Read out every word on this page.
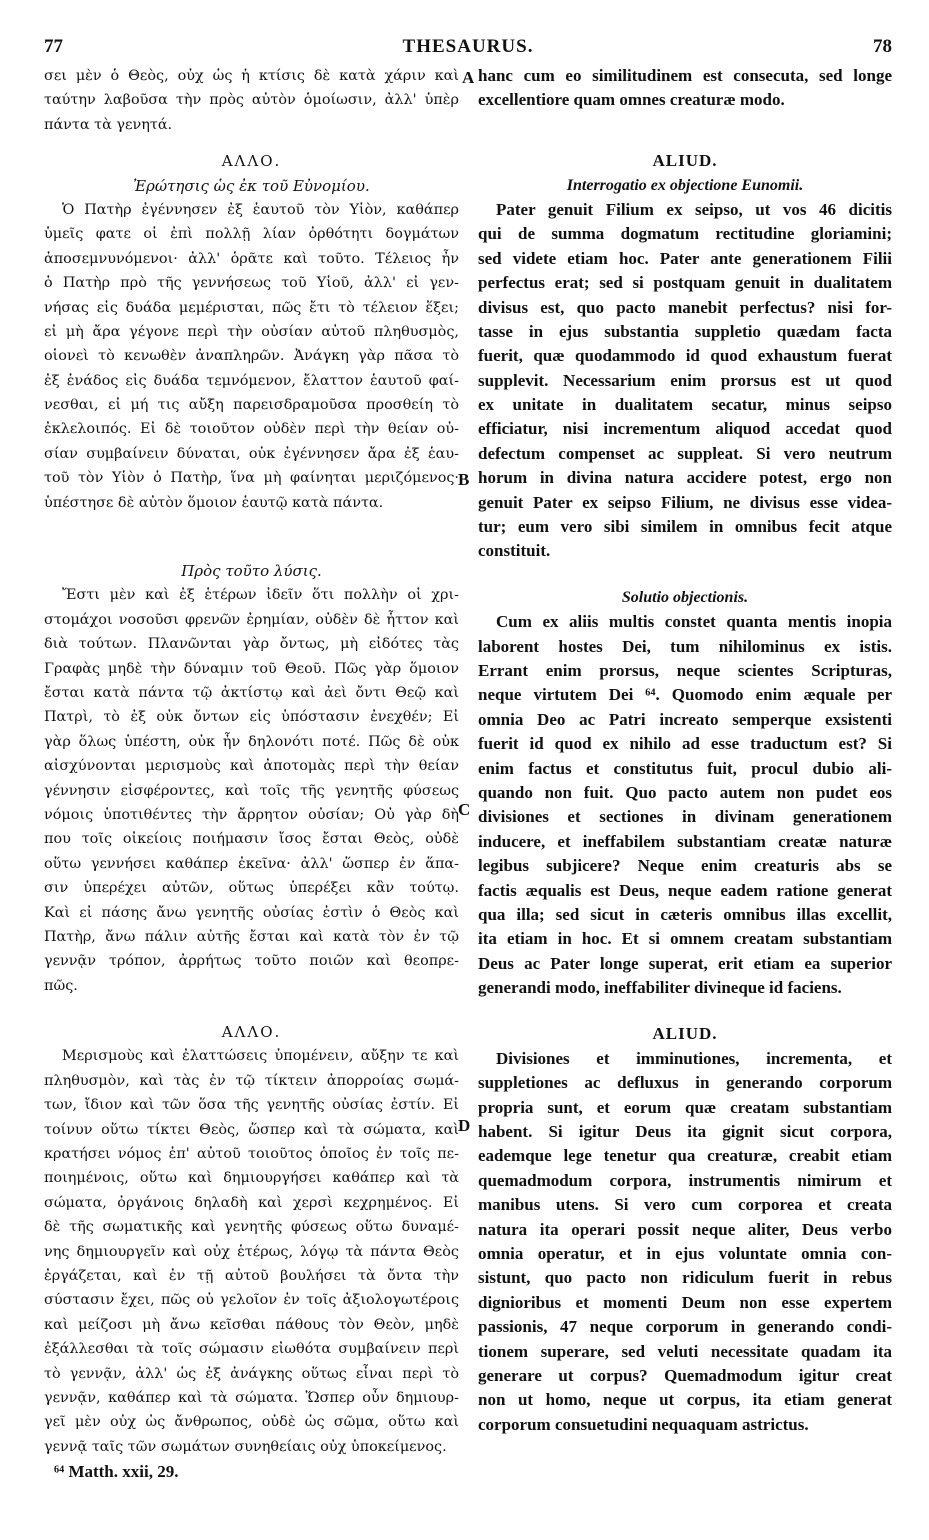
77	THESAURUS.	78
σει μὲν ὁ Θεὸς, οὐχ ὡς ἡ κτίσις δὲ κατὰ χάριν καὶ
ταύτην λαβοῦσα τὴν πρὸς αὐτὸν ὁμοίωσιν, ἀλλ' ὑπὲρ
πάντα τὰ γενητά.
ΑΛΛΟ.
Ἐρώτησις ὡς ἐκ τοῦ Εὐνομίου.
Ὁ Πατὴρ ἐγέννησεν ἐξ ἑαυτοῦ τὸν Υἱὸν, καθάπερ
ὑμεῖς φατε οἱ ἐπὶ πολλῇ λίαν ὀρθότητι δογμάτων
ἀποσεμνυνόμενοι· ἀλλ' ὁρᾶτε καὶ τοῦτο. Τέλειος ἦν
ὁ Πατὴρ πρὸ τῆς γεννήσεως τοῦ Υἱοῦ, ἀλλ' εἰ γεν-
νήσας εἰς δυάδα μεμέρισται, πῶς ἔτι τὸ τέλειον ἕξει;
εἰ μὴ ἄρα γέγονε περὶ τὴν οὐσίαν αὐτοῦ πληθυσμὸς,
οἱονεὶ τὸ κενωθὲν ἀναπληρῶν. Ἀνάγκη γὰρ πᾶσα τὸ
ἐξ ἑνάδος εἰς δυάδα τεμνόμενον, ἔλαττον ἑαυτοῦ φαί-
νεσθαι, εἰ μή τις αὔξη παρεισδραμοῦσα προσθείη τὸ
ἐκλελοιπός. Εἰ δὲ τοιοῦτον οὐδὲν περὶ τὴν θείαν οὐ-
σίαν συμβαίνειν δύναται, οὐκ ἐγέννησεν ἄρα ἐξ ἑαυ-
τοῦ τὸν Υἱὸν ὁ Πατὴρ, ἵνα μὴ φαίνηται μεριζόμενος·
ὑπέστησε δὲ αὐτὸν ὅμοιον ἑαυτῷ κατὰ πάντα.
Πρὸς τοῦτο λύσις.
Ἔστι μὲν καὶ ἐξ ἑτέρων ἰδεῖν ὅτι πολλὴν οἱ χρι-
στομάχοι νοσοῦσι φρενῶν ἐρημίαν, οὐδὲν δὲ ἧττον καὶ
διὰ τούτων. Πλανῶνται γὰρ ὄντως, μὴ εἰδότες τὰς
Γραφὰς μηδὲ τὴν δύναμιν τοῦ Θεοῦ. Πῶς γὰρ ὅμοιον
ἔσται κατὰ πάντα τῷ ἀκτίστῳ καὶ ἀεὶ ὄντι Θεῷ καὶ
Πατρὶ, τὸ ἐξ οὐκ ὄντων εἰς ὑπόστασιν ἐνεχθέν; Εἰ
γὰρ ὅλως ὑπέστη, οὐκ ἦν δηλονότι ποτέ. Πῶς δὲ οὐκ
αἰσχύνονται μερισμοὺς καὶ ἀποτομὰς περὶ τὴν θείαν
γέννησιν εἰσφέροντες, καὶ τοῖς τῆς γενητῆς φύσεως
νόμοις ὑποτιθέντες τὴν ἄρρητον οὐσίαν; Οὐ γὰρ δὴ
που τοῖς οἰκείοις ποιήμασιν ἴσος ἔσται Θεὸς, οὐδὲ
οὕτω γεννήσει καθάπερ ἐκεῖνα· ἀλλ' ὥσπερ ἐν ἅπα-
σιν ὑπερέχει αὐτῶν, οὕτως ὑπερέξει κἂν τούτῳ.
Καὶ εἰ πάσης ἄνω γενητῆς οὐσίας ἐστὶν ὁ Θεὸς καὶ
Πατὴρ, ἄνω πάλιν αὐτῆς ἔσται καὶ κατὰ τὸν ἐν τῷ
γεννᾷν τρόπον, ἀρρήτως τοῦτο ποιῶν καὶ θεοπρε-
πῶς.
ΑΛΛΟ.
Μερισμοὺς καὶ ἐλαττώσεις ὑπομένειν, αὔξην τε καὶ
πληθυσμὸν, καὶ τὰς ἐν τῷ τίκτειν ἀπορροίας σωμά-
των, ἴδιον καὶ τῶν ὅσα τῆς γενητῆς οὐσίας ἐστίν. Εἰ
τοίνυν οὕτω τίκτει Θεὸς, ὥσπερ καὶ τὰ σώματα, καὶ
κρατήσει νόμος ἐπ' αὐτοῦ τοιοῦτος ὁποῖος ἐν τοῖς πε-
ποιημένοις, οὕτω καὶ δημιουργήσει καθάπερ καὶ τὰ
σώματα, ὀργάνοις δηλαδὴ καὶ χερσὶ κεχρημένος. Εἰ
δὲ τῆς σωματικῆς καὶ γενητῆς φύσεως οὕτω δυναμέ-
νης δημιουργεῖν καὶ οὐχ ἑτέρως, λόγῳ τὰ πάντα Θεὸς
ἐργάζεται, καὶ ἐν τῇ αὐτοῦ βουλήσει τὰ ὄντα τὴν
σύστασιν ἔχει, πῶς οὐ γελοῖον ἐν τοῖς ἀξιολογωτέροις
καὶ μείζοσι μὴ ἄνω κεῖσθαι πάθους τὸν Θεὸν, μηδὲ
ἐξάλλεσθαι τὰ τοῖς σώμασιν εἰωθότα συμβαίνειν περὶ
τὸ γεννᾷν, ἀλλ' ὡς ἐξ ἀνάγκης οὕτως εἶναι περὶ τὸ
γεννᾷν, καθάπερ καὶ τὰ σώματα. Ὥσπερ οὖν δημιουρ-
γεῖ μὲν οὐχ ὡς ἄνθρωπος, οὐδὲ ὡς σῶμα, οὕτω καὶ
γεννᾷ ταῖς τῶν σωμάτων συνηθείαις οὐχ ὑποκείμενος.
hanc cum eo similitudinem est consecuta, sed longe
excellentiore quam omnes creaturæ modo.
ALIUD.
Interrogatio ex objectione Eunomii.
Pater genuit Filium ex seipso, ut vos 46 dicitis
qui de summa dogmatum rectitudine gloriamini;
sed videte etiam hoc. Pater ante generationem Filii
perfectus erat; sed si postquam genuit in dualitatem
divisus est, quo pacto manebit perfectus? nisi for-
tasse in ejus substantia suppletio quædam facta
fuerit, quæ quodammodo id quod exhaustum fuerat
supplevit. Necessarium enim prorsus est ut quod
ex unitate in dualitatem secatur, minus seipso
efficiatur, nisi incrementum aliquod accedat quod
defectum compenset ac suppleat. Si vero neutrum
horum in divina natura accidere potest, ergo non
genuit Pater ex seipso Filium, ne divisus esse videa-
tur; eum vero sibi similem in omnibus fecit atque
constituit.
Solutio objectionis.
Cum ex aliis multis constet quanta mentis inopia
laborent hostes Dei, tum nihilominus ex istis.
Errant enim prorsus, neque scientes Scripturas,
neque virtutem Dei ⁶⁴. Quomodo enim æquale per
omnia Deo ac Patri increato semperque exsistenti
fuerit id quod ex nihilo ad esse traductum est? Si
enim factus et constitutus fuit, procul dubio ali-
quando non fuit. Quo pacto autem non pudet eos
divisiones et sectiones in divinam generationem
inducere, et ineffabilem substantiam creatæ naturæ
legibus subjicere? Neque enim creaturis abs se
factis æqualis est Deus, neque eadem ratione generat
qua illa; sed sicut in cæteris omnibus illas excellit,
ita etiam in hoc. Et si omnem creatam substantiam
Deus ac Pater longe superat, erit etiam ea superior
generandi modo, ineffabiliter divineque id faciens.
ALIUD.
Divisiones et imminutiones, incrementa, et
suppletiones ac defluxus in generando corporum
propria sunt, et eorum quæ creatam substantiam
habent. Si igitur Deus ita gignit sicut corpora,
eademque lege tenetur qua creaturæ, creabit etiam
quemadmodum corpora, instrumentis nimirum et
manibus utens. Si vero cum corporea et creata
natura ita operari possit neque aliter, Deus verbo
omnia operatur, et in ejus voluntate omnia con-
sistunt, quo pacto non ridiculum fuerit in rebus
dignioribus et momenti Deum non esse expertem
passionis, 47 neque corporum in generando condi-
tionem superare, sed veluti necessitate quadam ita
generare ut corpus? Quemadmodum igitur creat
non ut homo, neque ut corpus, ita etiam generat
corporum consuetudini nequaquam astrictus.
A
B
C
D
⁶⁴ Matth. xxii, 29.
